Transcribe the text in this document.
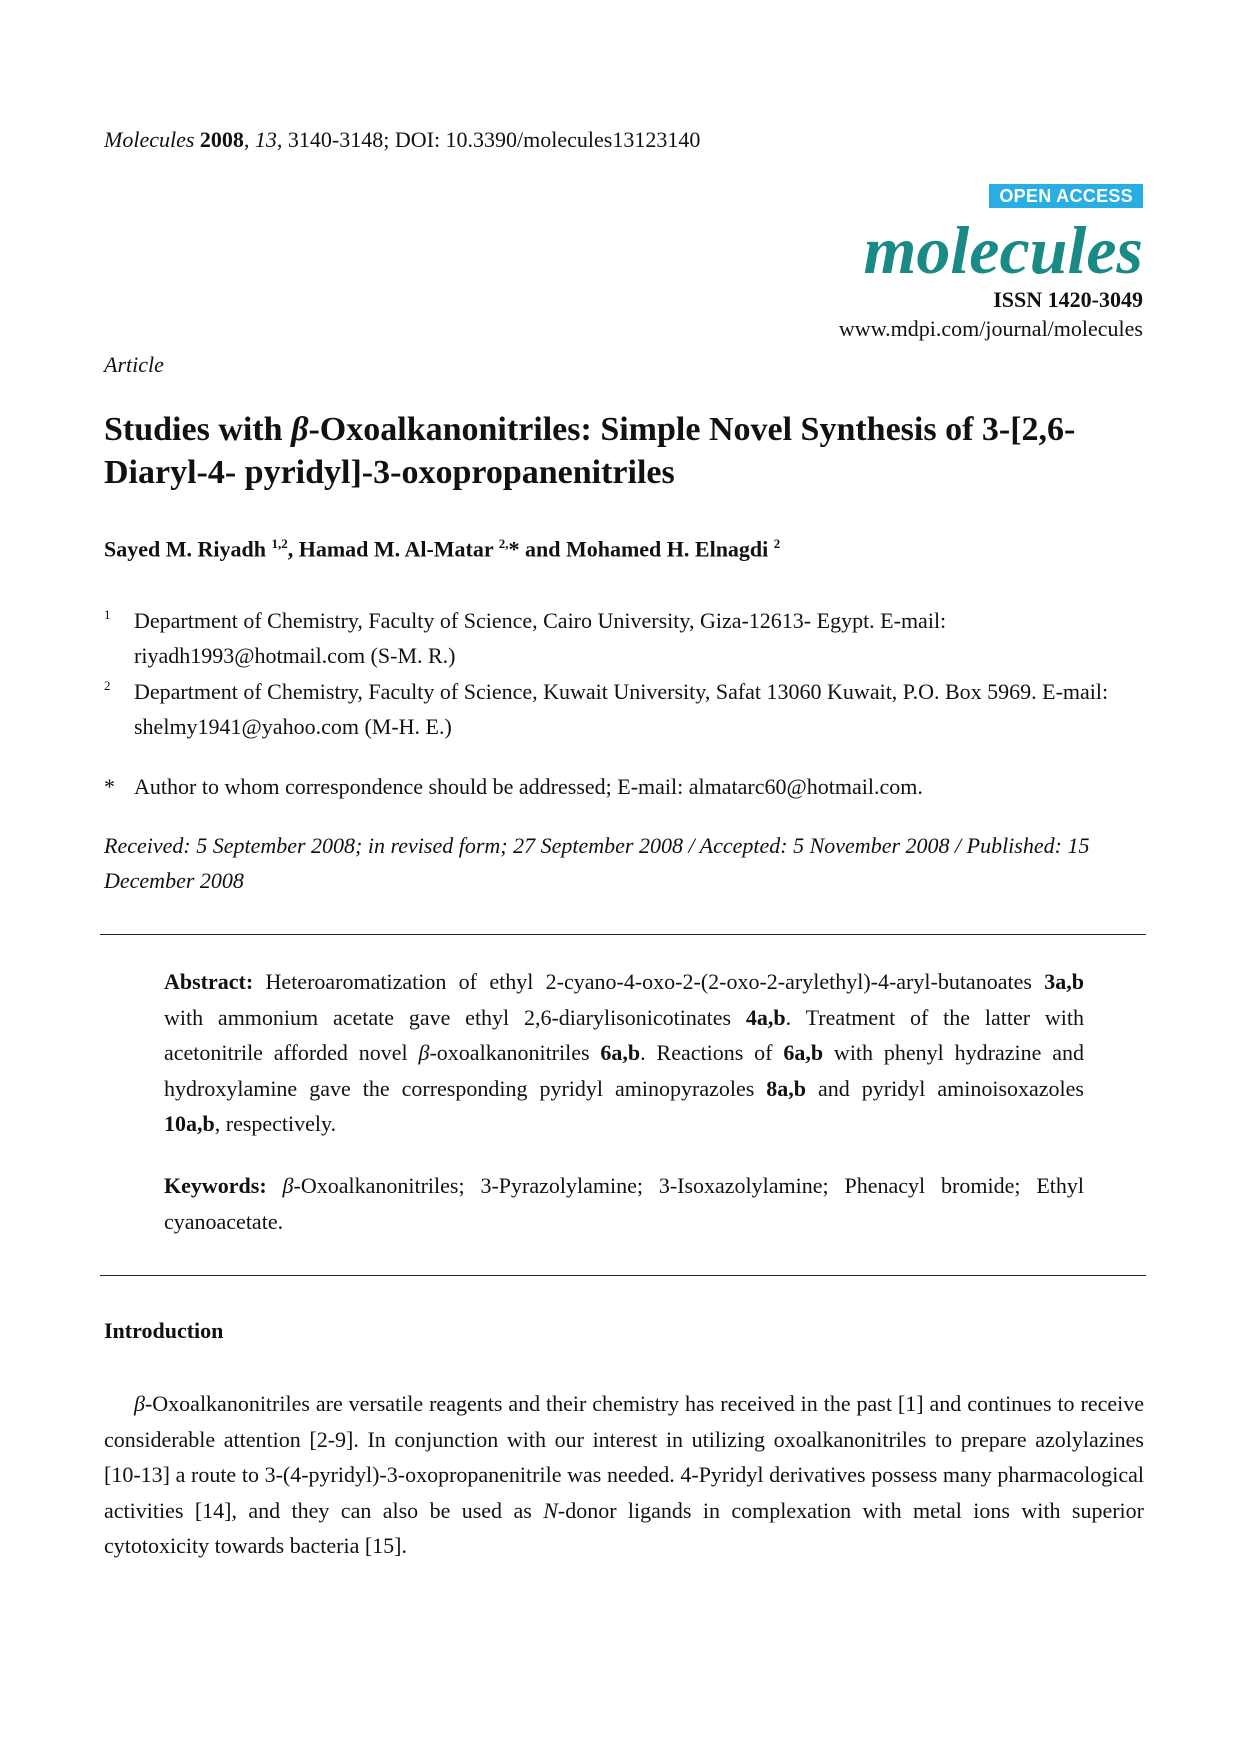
Molecules 2008, 13, 3140-3148; DOI: 10.3390/molecules13123140
OPEN ACCESS
molecules
ISSN 1420-3049
www.mdpi.com/journal/molecules
Article
Studies with β-Oxoalkanonitriles: Simple Novel Synthesis of 3-[2,6-Diaryl-4- pyridyl]-3-oxopropanenitriles
Sayed M. Riyadh $^{1,2}$, Hamad M. Al-Matar $^{2,}$* and Mohamed H. Elnagdi $^2$
1 Department of Chemistry, Faculty of Science, Cairo University, Giza-12613- Egypt. E-mail: riyadh1993@hotmail.com (S-M. R.)
2 Department of Chemistry, Faculty of Science, Kuwait University, Safat 13060 Kuwait, P.O. Box 5969. E-mail: shelmy1941@yahoo.com (M-H. E.)
* Author to whom correspondence should be addressed; E-mail: almatarc60@hotmail.com.
Received: 5 September 2008; in revised form; 27 September 2008 / Accepted: 5 November 2008 / Published: 15 December 2008
Abstract: Heteroaromatization of ethyl 2-cyano-4-oxo-2-(2-oxo-2-arylethyl)-4-aryl-butanoates 3a,b with ammonium acetate gave ethyl 2,6-diarylisonicotinates 4a,b. Treatment of the latter with acetonitrile afforded novel β-oxoalkanonitriles 6a,b. Reactions of 6a,b with phenyl hydrazine and hydroxylamine gave the corresponding pyridyl aminopyrazoles 8a,b and pyridyl aminoisoxazoles 10a,b, respectively.
Keywords: β-Oxoalkanonitriles; 3-Pyrazolylamine; 3-Isoxazolylamine; Phenacyl bromide; Ethyl cyanoacetate.
Introduction
β-Oxoalkanonitriles are versatile reagents and their chemistry has received in the past [1] and continues to receive considerable attention [2-9]. In conjunction with our interest in utilizing oxoalkanonitriles to prepare azolylazines [10-13] a route to 3-(4-pyridyl)-3-oxopropanenitrile was needed. 4-Pyridyl derivatives possess many pharmacological activities [14], and they can also be used as N-donor ligands in complexation with metal ions with superior cytotoxicity towards bacteria [15].
